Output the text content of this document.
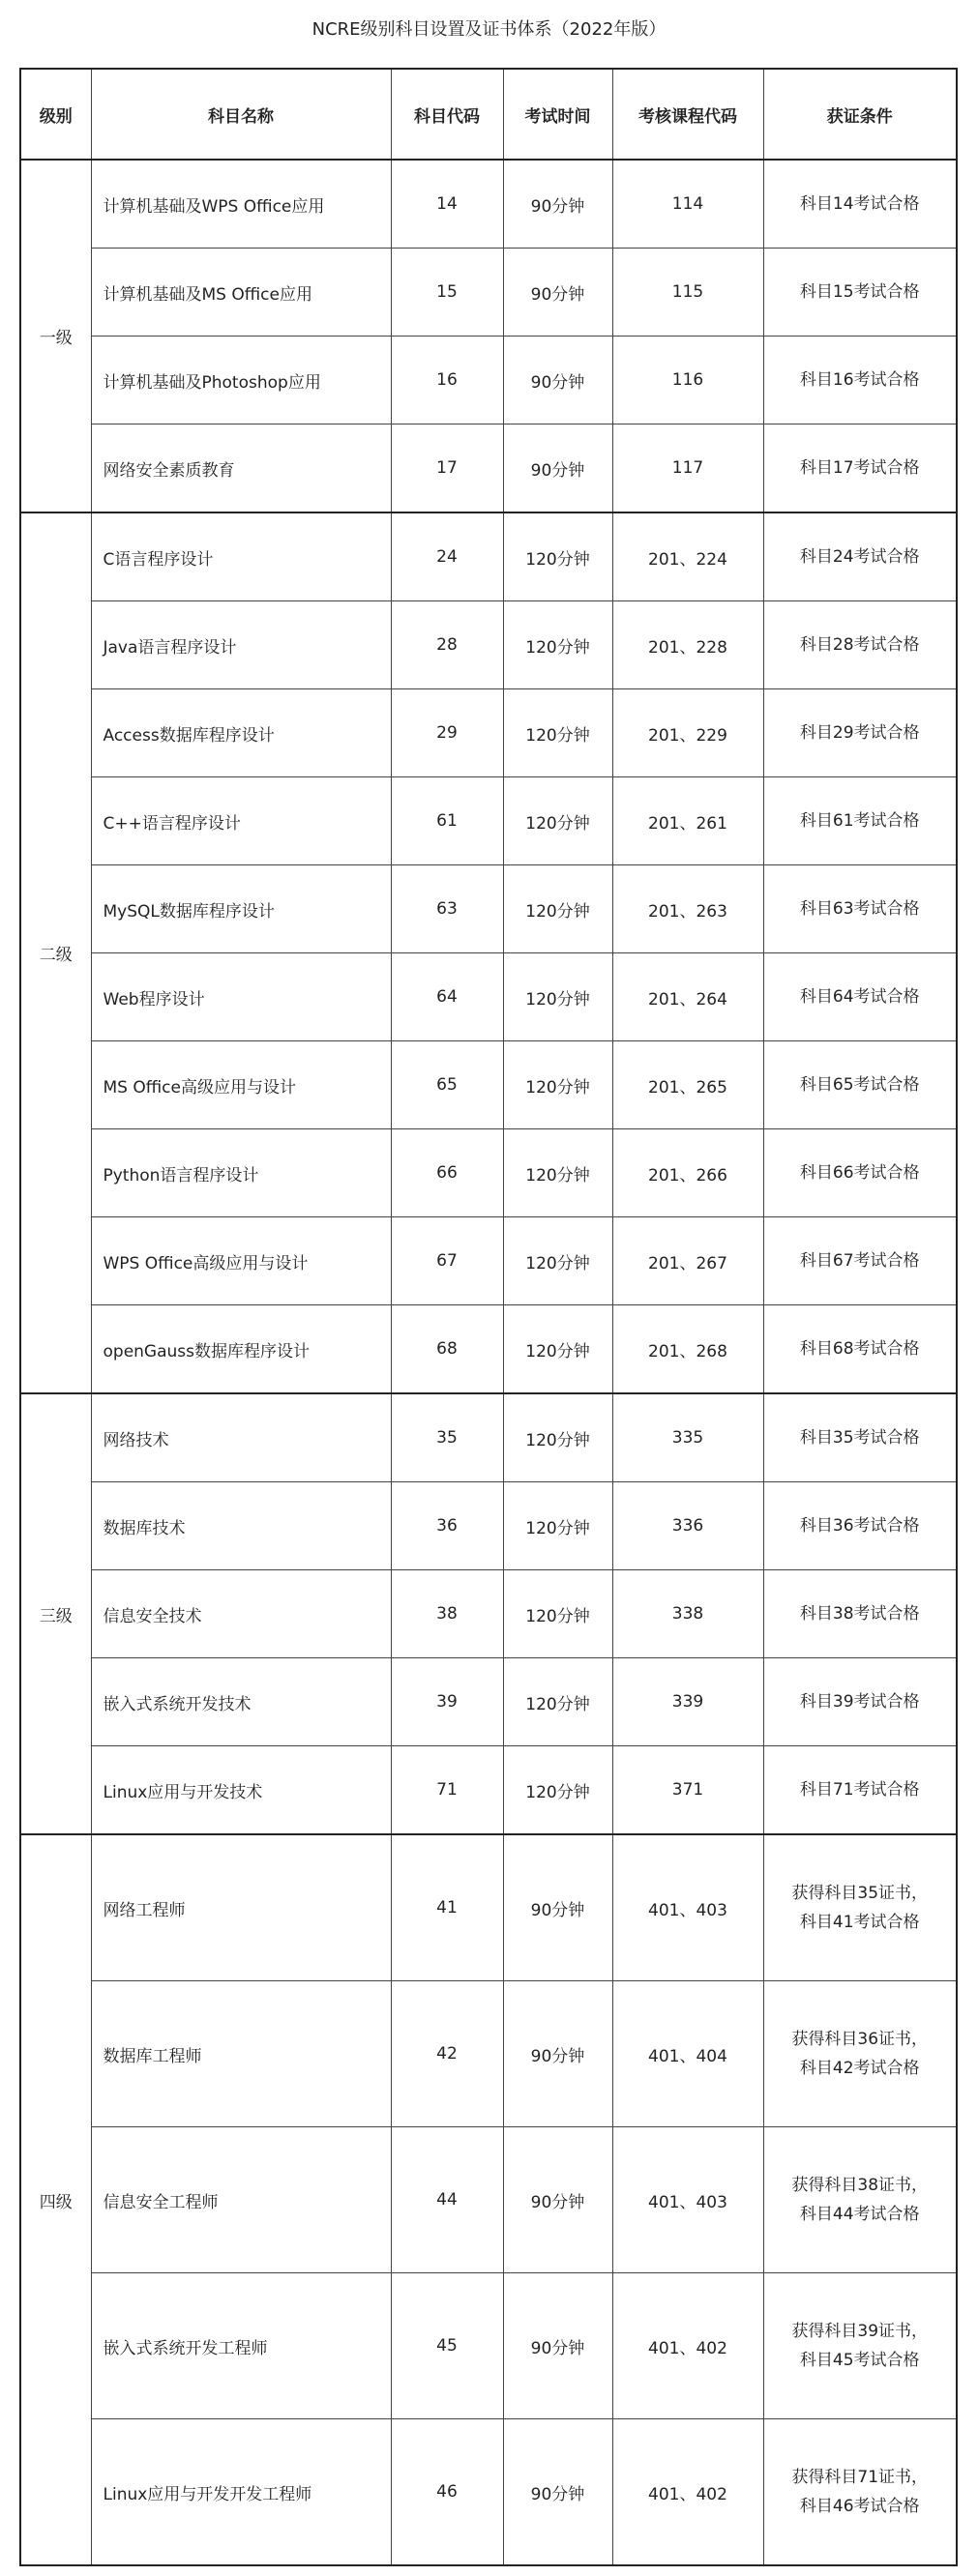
NCRE级别科目设置及证书体系（2022年版）
级别	科目名称	科目代码	考试时间	考核课程代码	获证条件
一级	计算机基础及WPS Office应用	14	90分钟	114	科目14考试合格

	计算机基础及MS Office应用	15	90分钟	115	科目15考试合格

	计算机基础及Photoshop应用	16	90分钟	116	科目16考试合格

	网络安全素质教育	17	90分钟	117	科目17考试合格

二级	C语言程序设计	24	120分钟	201、224	科目24考试合格

	Java语言程序设计	28	120分钟	201、228	科目28考试合格

	Access数据库程序设计	29	120分钟	201、229	科目29考试合格

	C++语言程序设计	61	120分钟	201、261	科目61考试合格

	MySQL数据库程序设计	63	120分钟	201、263	科目63考试合格

	Web程序设计	64	120分钟	201、264	科目64考试合格

	MS Office高级应用与设计	65	120分钟	201、265	科目65考试合格

	Python语言程序设计	66	120分钟	201、266	科目66考试合格

	WPS Office高级应用与设计	67	120分钟	201、267	科目67考试合格

	openGauss数据库程序设计	68	120分钟	201、268	科目68考试合格

三级	网络技术	35	120分钟	335	科目35考试合格

	数据库技术	36	120分钟	336	科目36考试合格

	信息安全技术	38	120分钟	338	科目38考试合格

	嵌入式系统开发技术	39	120分钟	339	科目39考试合格

	Linux应用与开发技术	71	120分钟	371	科目71考试合格

四级	网络工程师	41	90分钟	401、403	获得科目35证书，
科目41考试合格

	数据库工程师	42	90分钟	401、404	获得科目36证书，
科目42考试合格

	信息安全工程师	44	90分钟	401、403	获得科目38证书，
科目44考试合格

	嵌入式系统开发工程师	45	90分钟	401、402	获得科目39证书，
科目45考试合格

	Linux应用与开发开发工程师	46	90分钟	401、402	获得科目71证书，
科目46考试合格
